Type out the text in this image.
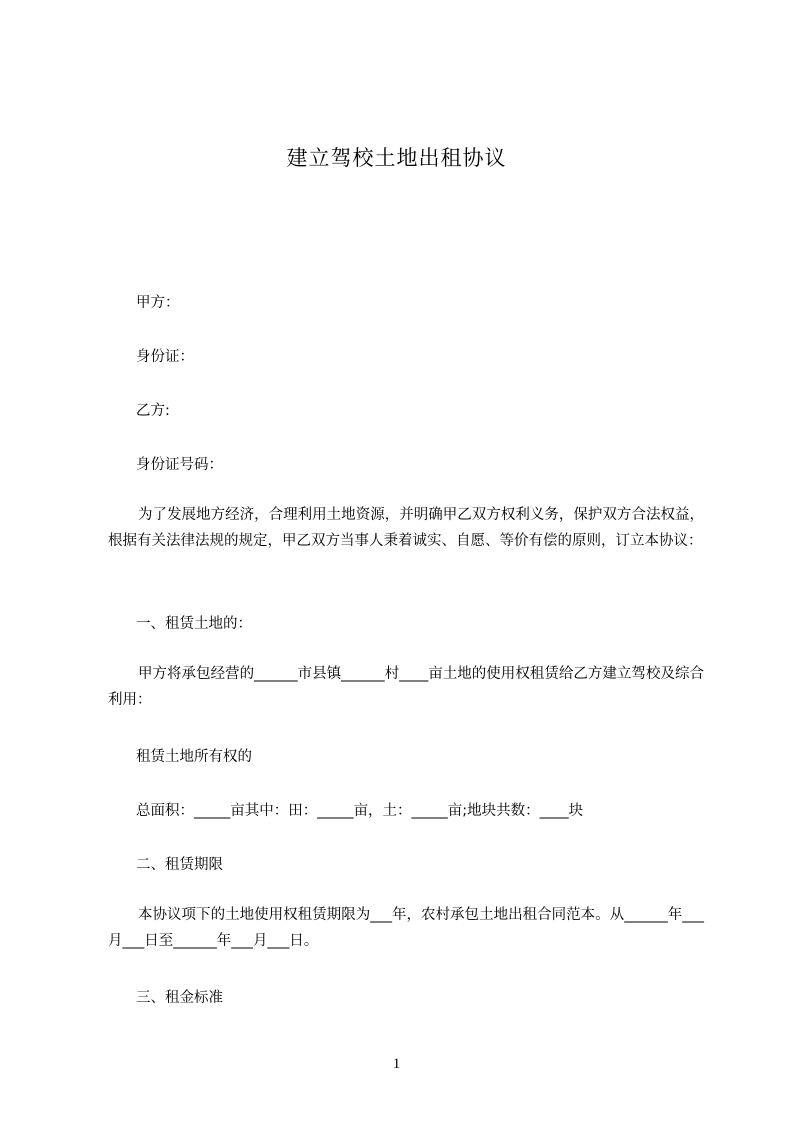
建立驾校土地出租协议
甲方：
身份证：
乙方:
身份证号码：
为了发展地方经济，合理利用土地资源，并明确甲乙双方权利义务，保护双方合法权益，根据有关法律法规的规定，甲乙双方当事人秉着诚实、自愿、等价有偿的原则，订立本协议：
一、租赁土地的：
甲方将承包经营的______市县镇______村____亩土地的使用权租赁给乙方建立驾校及综合利用：
租赁土地所有权的
总面积：_____亩其中：田：_____亩，土：_____亩;地块共数：____块
二、租赁期限
本协议项下的土地使用权租赁期限为___年，农村承包土地出租合同范本。从______年___月___日至______年___月___日。
三、租金标准
1
